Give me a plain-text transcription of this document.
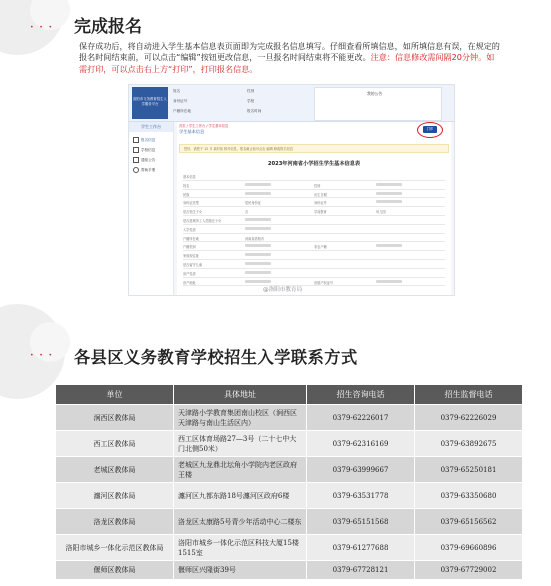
• • •
• • •
完成报名
保存成功后，将自动进入学生基本信息表页面即为完成报名信息填写。仔细查看所填信息，如所填信息有误，在规定的报名时间结束前，可以点击“编辑”按钮更改信息，一旦报名时间结束将不能更改。注意：信息修改需间隔20分钟。如需打印，可以点击右上方“打印”，打印报名信息。
洛阳市义务教育招生入学服务平台
姓名
身份证号
户籍所在地
性别
学校
报名时间
我的公告
学生工作台
报名信息
学校信息
通知公告
帮助手册
首页 / 学生工作台 / 学生基本信息
学生基本信息	打印
您好，请您于 12 月 某时前 核对信息，报名截止前可点击 编辑 修改报名信息
2023年河南省小学招生学生基本信息表
基本信息
姓名	性别
民族	出生日期
身份证类型	居民身份证	身份证号
是否独生子女	否	学前教育	幼儿园
是否进城务工人员随迁子女
入学性质
户籍所在地	河南省洛阳市
户籍类别	非农户籍
家庭现住址
是否留守儿童
房产性质
房产地址	房屋产权证号
@洛阳市教育局
各县区义务教育学校招生入学联系方式
单位	具体地址	招生咨询电话	招生监督电话
涧西区教体局	天津路小学教育集团南山校区（涧西区天津路与南山生活区内）	0379-62226017	0379-62226029
西工区教体局	西工区体育场路27—3号（二十七中大门北侧50米）	0379-62316169	0379-63892675
老城区教体局	老城区九龙鼎北坛角小学院内老区政府王楼	0379-63999667	0379-65250181
瀍河区教体局	瀍河区九都东路18号瀍河区政府6楼	0379-63531778	0379-63350680
洛龙区教体局	洛龙区太康路5号青少年活动中心二楼东	0379-65151568	0379-65156562
洛阳市城乡一体化示范区教体局	洛阳市城乡一体化示范区科技大厦15楼1515室	0379-61277688	0379-69660896
偃师区教体局	偃师区兴隆街39号	0379-67728121	0379-67729002
